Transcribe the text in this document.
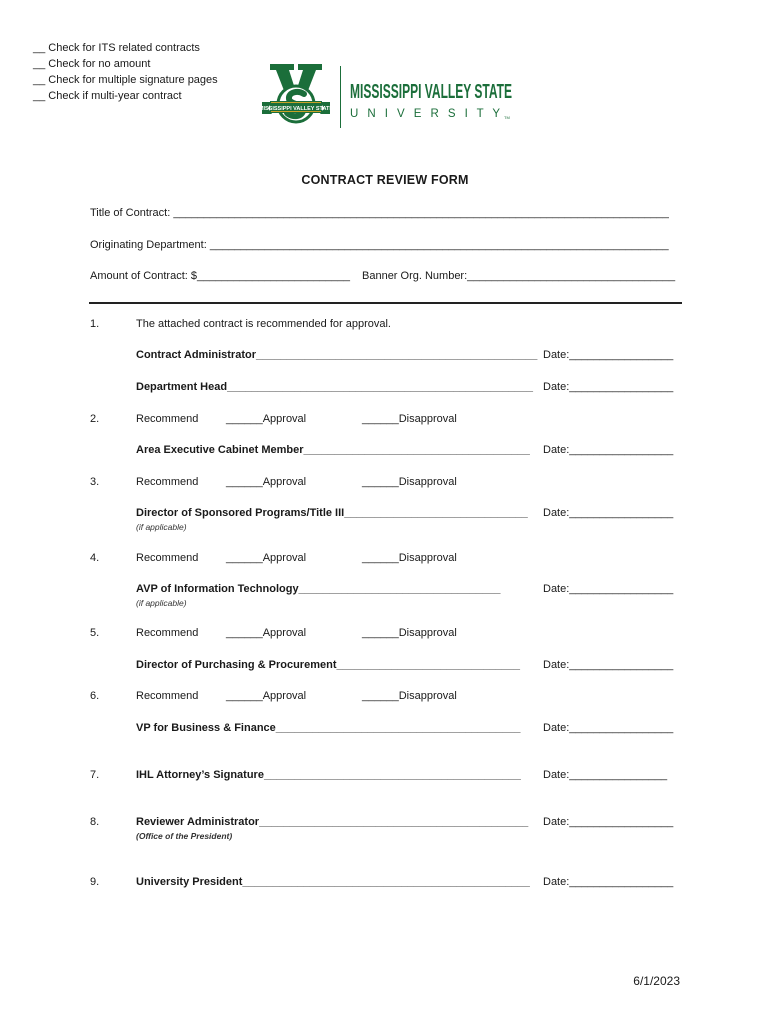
__ Check for ITS related contracts
__ Check for no amount
__ Check for multiple signature pages
__ Check if multi-year contract
MISSISSIPPI VALLEY STATE
MISSISSIPPI VALLEY STATE
U N I V E R S I T Y TM
CONTRACT REVIEW FORM
Title of Contract: _________________________________________________________________________________
Originating Department: ___________________________________________________________________________
Amount of Contract: $_________________________ Banner Org. Number:__________________________________
1.	The attached contract is recommended for approval.
Contract Administrator______________________________________________ Date:_________________
Department Head__________________________________________________ Date:_________________
2.	Recommend	______Approval	______Disapproval
Area Executive Cabinet Member_____________________________________ Date:_________________
3.	Recommend	______Approval	______Disapproval
Director of Sponsored Programs/Title III______________________________ Date:_________________
(if applicable)
4.	Recommend	______Approval	______Disapproval
AVP of Information Technology_________________________________	Date:_________________
(if applicable)
5.	Recommend	______Approval	______Disapproval
Director of Purchasing & Procurement______________________________ Date:_________________
6.	Recommend	______Approval	______Disapproval
VP for Business & Finance________________________________________ Date:_________________
7.	IHL Attorney’s Signature__________________________________________ Date:________________
8.	Reviewer Administrator____________________________________________ Date:_________________
(Office of the President)
9.	University President_______________________________________________ Date:_________________
6/1/2023
